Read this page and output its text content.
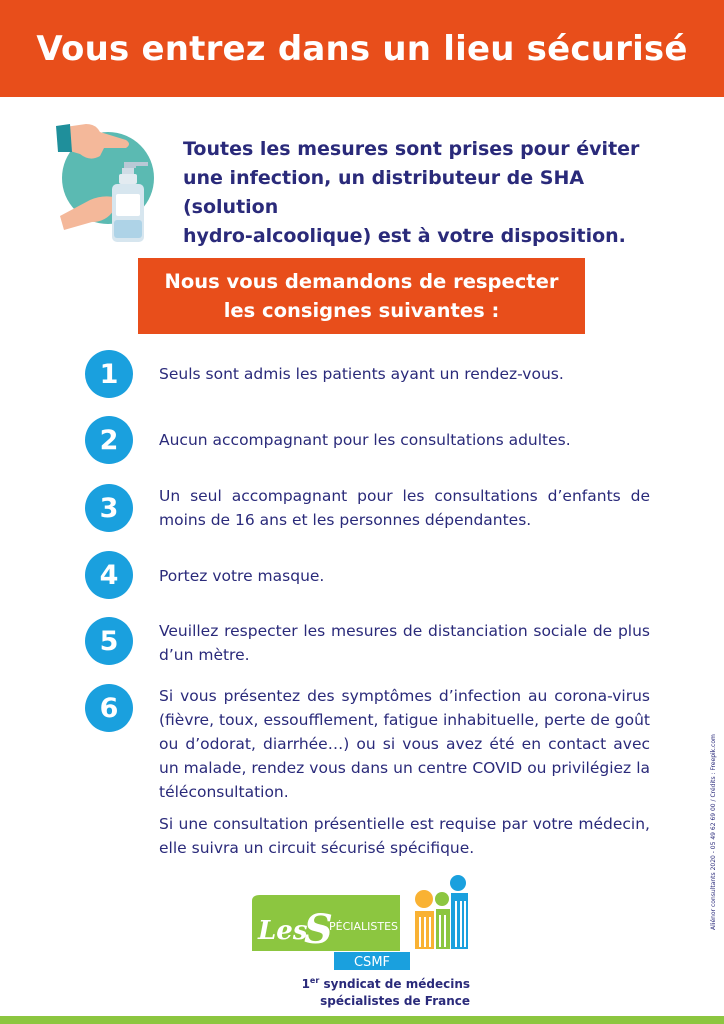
Vous entrez dans un lieu sécurisé
Toutes les mesures sont prises pour éviter
une infection, un distributeur de SHA (solution
hydro-alcoolique) est à votre disposition.
Nous vous demandons de respecter
les consignes suivantes :
1	Seuls sont admis les patients ayant un rendez-vous.
2	Aucun accompagnant pour les consultations adultes.
3	Un seul accompagnant pour les consultations d’enfants de moins de 16 ans et les personnes dépendantes.
4	Portez votre masque.
5	Veuillez respecter les mesures de distanciation sociale de plus d’un mètre.
6	Si vous présentez des symptômes d’infection au corona-virus (fièvre, toux, essoufflement, fatigue inhabituelle, perte de goût ou d’odorat, diarrhée…) ou si vous avez été en contact avec un malade, rendez vous dans un centre COVID ou privilégiez la téléconsultation.
Si une consultation présentielle est requise par votre médecin, elle suivra un circuit sécurisé spécifique.
Les
S
PÉCIALISTES
CSMF
1er syndicat de médecins
spécialistes de France
Aliénor consultants 2020 - 05 49 62 69 00 / Crédits : Freepik.com
